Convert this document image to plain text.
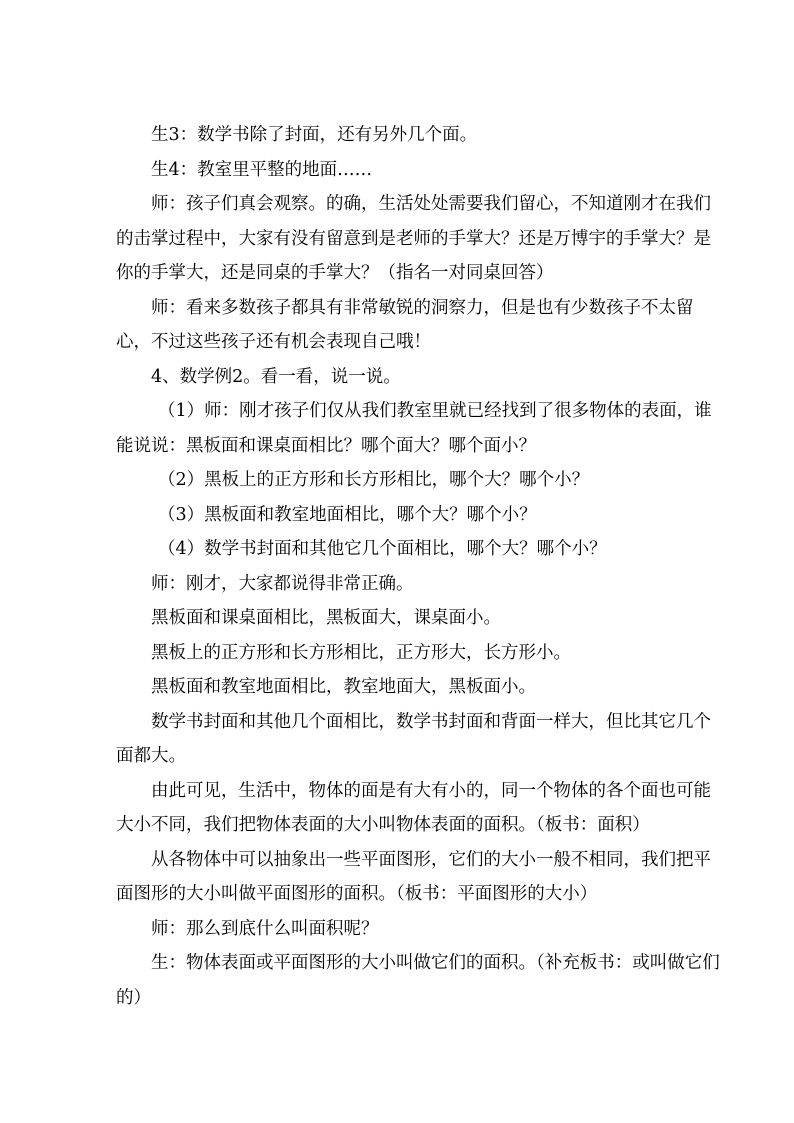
生3：数学书除了封面，还有另外几个面。

生4：教室里平整的地面……

师：孩子们真会观察。的确，生活处处需要我们留心，不知道刚才在我们的击掌过程中，大家有没有留意到是老师的手掌大？还是万博宇的手掌大？是你的手掌大，还是同桌的手掌大？（指名一对同桌回答）

师：看来多数孩子都具有非常敏锐的洞察力，但是也有少数孩子不太留心，不过这些孩子还有机会表现自己哦！

4、数学例2。看一看，说一说。

（1）师：刚才孩子们仅从我们教室里就已经找到了很多物体的表面，谁能说说：黑板面和课桌面相比？哪个面大？哪个面小？

（2）黑板上的正方形和长方形相比，哪个大？哪个小？

（3）黑板面和教室地面相比，哪个大？哪个小？

（4）数学书封面和其他它几个面相比，哪个大？哪个小？

师：刚才，大家都说得非常正确。

黑板面和课桌面相比，黑板面大，课桌面小。

黑板上的正方形和长方形相比，正方形大，长方形小。

黑板面和教室地面相比，教室地面大，黑板面小。

数学书封面和其他几个面相比，数学书封面和背面一样大，但比其它几个面都大。

由此可见，生活中，物体的面是有大有小的，同一个物体的各个面也可能大小不同，我们把物体表面的大小叫物体表面的面积。（板书：面积）

从各物体中可以抽象出一些平面图形，它们的大小一般不相同，我们把平面图形的大小叫做平面图形的面积。（板书：平面图形的大小）

师：那么到底什么叫面积呢？

生：物体表面或平面图形的大小叫做它们的面积。（补充板书：或叫做它们的）
